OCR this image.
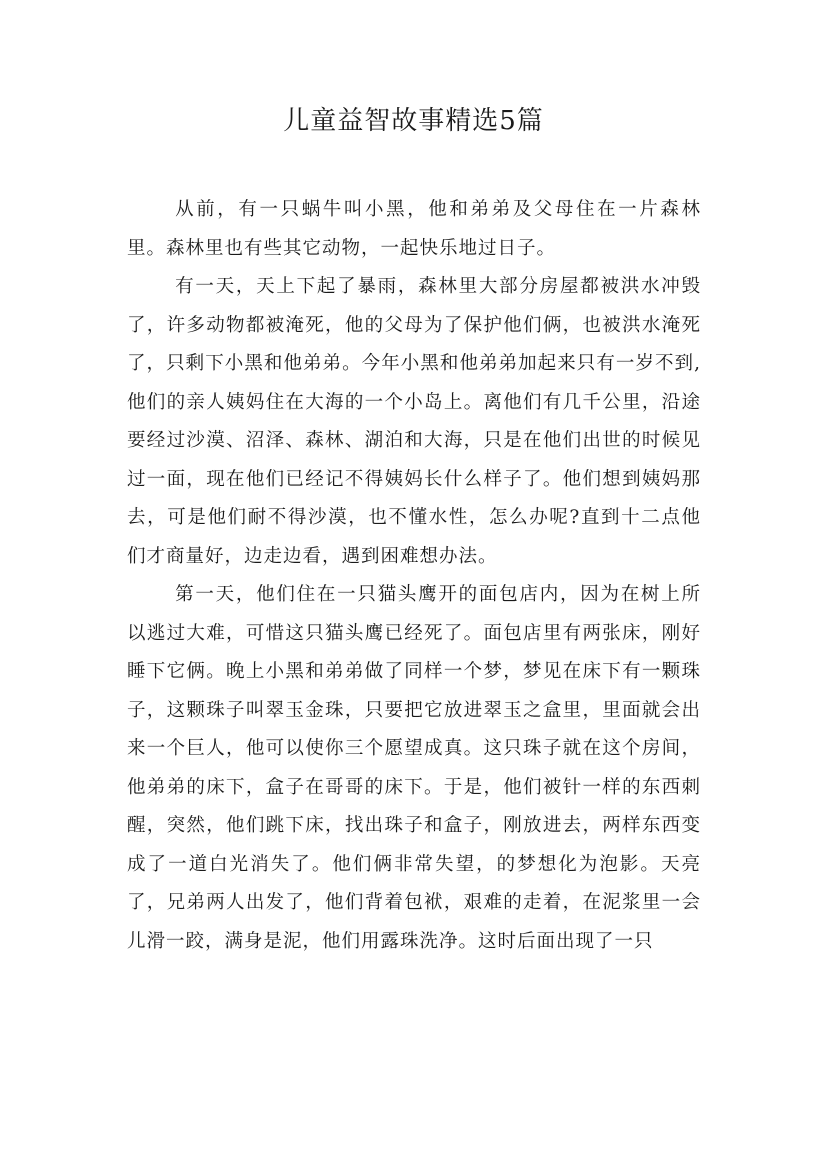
儿童益智故事精选5篇

从前，有一只蜗牛叫小黑，他和弟弟及父母住在一片森林里。森林里也有些其它动物，一起快乐地过日子。

有一天，天上下起了暴雨，森林里大部分房屋都被洪水冲毁了，许多动物都被淹死，他的父母为了保护他们俩，也被洪水淹死了，只剩下小黑和他弟弟。今年小黑和他弟弟加起来只有一岁不到,他们的亲人姨妈住在大海的一个小岛上。离他们有几千公里，沿途要经过沙漠、沼泽、森林、湖泊和大海，只是在他们出世的时候见过一面，现在他们已经记不得姨妈长什么样子了。他们想到姨妈那去，可是他们耐不得沙漠，也不懂水性，怎么办呢?直到十二点他们才商量好，边走边看，遇到困难想办法。

第一天，他们住在一只猫头鹰开的面包店内，因为在树上所以逃过大难，可惜这只猫头鹰已经死了。面包店里有两张床，刚好睡下它俩。晚上小黑和弟弟做了同样一个梦，梦见在床下有一颗珠子，这颗珠子叫翠玉金珠，只要把它放进翠玉之盒里，里面就会出来一个巨人，他可以使你三个愿望成真。这只珠子就在这个房间，他弟弟的床下，盒子在哥哥的床下。于是，他们被针一样的东西刺醒，突然，他们跳下床，找出珠子和盒子，刚放进去，两样东西变成了一道白光消失了。他们俩非常失望，的梦想化为泡影。天亮了，兄弟两人出发了，他们背着包袱，艰难的走着，在泥浆里一会儿滑一跤，满身是泥，他们用露珠洗净。这时后面出现了一只
